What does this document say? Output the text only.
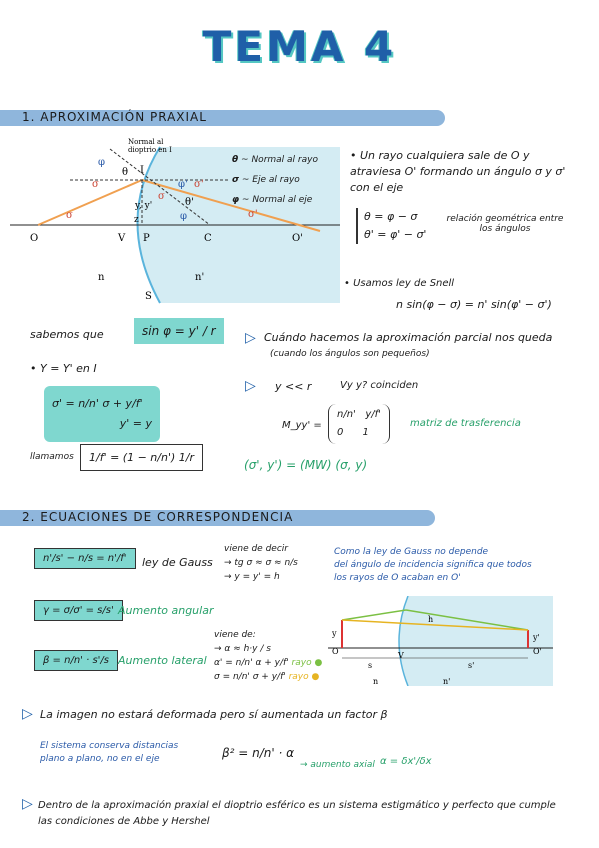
TEMA 4
1. APROXIMACIÓN PRAXIAL
O	V P	C	O'
I
S
Normal al
dioptrio en I
φ
θ
σ
σ
φ'
θ'
σ'
σ'
σ
φ
y, y'
z
n	n'
θ ~ Normal al rayo
σ ~ Eje al rayo
φ ~ Normal al eje
• Un rayo cualquiera sale de O y
atraviesa O' formando un ángulo σ y σ'
con el eje
θ = φ − σ
θ' = φ' − σ'
relación geométrica entre
los ángulos
• Usamos ley de Snell
n sin(φ − σ) = n' sin(φ' − σ')
sabemos que	sin φ = y' / r
• Y = Y' en I
σ' = n/n' σ + y/f'
y' = y
llamamos	1/f' = (1 − n/n') 1/r
▷ Cuándo hacemos la aproximación parcial nos queda
(cuando los ángulos son pequeños)
▷ y << r	Vy y? coinciden
M_yy' =
n/n' y/f'
0 1
matriz de trasferencia
(σ', y') = (MW) (σ, y)
2. ECUACIONES DE CORRESPONDENCIA
n'/s' − n/s = n'/f'	ley de Gauss
viene de decir
→ tg σ ≈ σ ≈ n/s
→ y = y' = h
Como la ley de Gauss no depende
del ángulo de incidencia significa que todos
los rayos de O acaban en O'
γ = σ/σ' = s/s' Aumento angular
β = n/n' · s'/s Aumento lateral
viene de:
→ α ≈ h·y / s
α' = n/n' α + y/f' rayo ●
σ = n/n' σ + y/f' rayo ●
O	V	O'
y	y'
s	s'
n	n'
h
▷ La imagen no estará deformada pero sí aumentada un factor β
El sistema conserva distancias
plano a plano, no en el eje	β² = n/n' · α
→ aumento axial α = δx'/δx
▷ Dentro de la aproximación praxial el dioptrio esférico es un sistema estigmático y perfecto que cumple
las condiciones de Abbe y Hershel
